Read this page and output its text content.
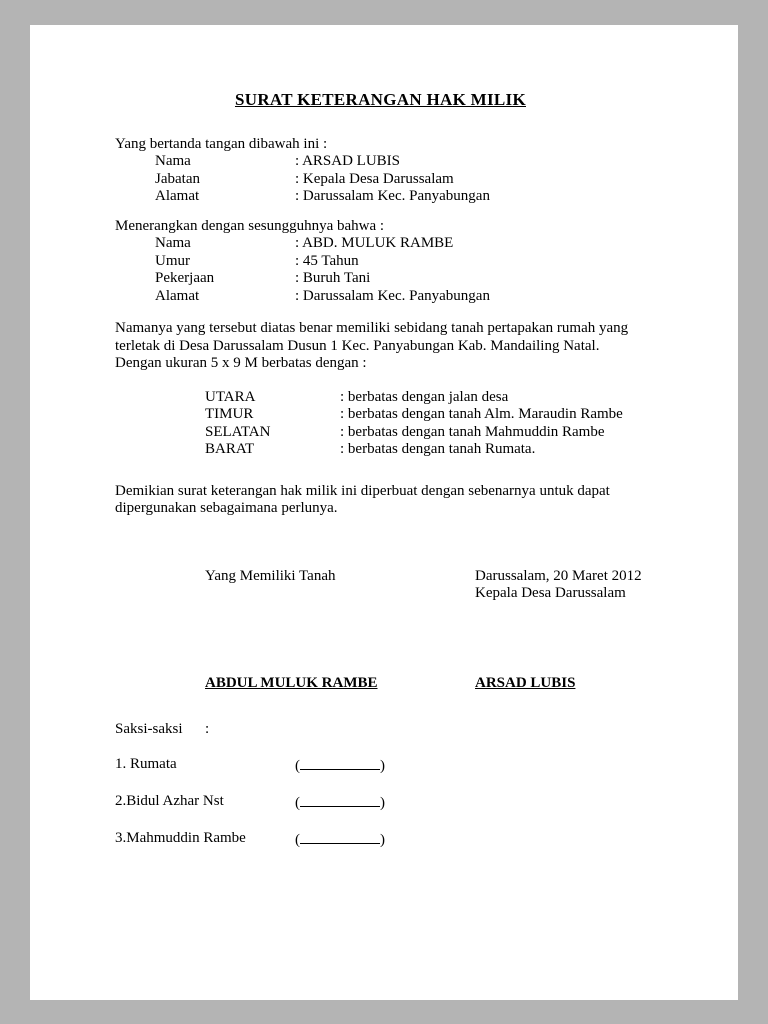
SURAT KETERANGAN HAK MILIK
Yang bertanda tangan dibawah ini :
Nama	: ARSAD LUBIS
Jabatan	: Kepala Desa Darussalam
Alamat	: Darussalam Kec. Panyabungan
Menerangkan dengan sesungguhnya bahwa :
Nama	: ABD. MULUK RAMBE
Umur	: 45 Tahun
Pekerjaan	: Buruh Tani
Alamat	: Darussalam Kec. Panyabungan
Namanya yang tersebut diatas benar memiliki sebidang tanah pertapakan rumah yang terletak di Desa Darussalam Dusun 1 Kec. Panyabungan Kab. Mandailing Natal. Dengan ukuran 5 x 9 M berbatas dengan :
UTARA	: berbatas dengan jalan desa
TIMUR	: berbatas dengan tanah Alm. Maraudin Rambe
SELATAN	: berbatas dengan tanah Mahmuddin Rambe
BARAT	: berbatas dengan tanah Rumata.
Demikian surat keterangan hak milik ini diperbuat dengan sebenarnya untuk dapat dipergunakan sebagaimana perlunya.
Yang Memiliki Tanah	Darussalam, 20 Maret 2012
Kepala Desa Darussalam
ABDUL MULUK RAMBE	ARSAD LUBIS
Saksi-saksi	:
1. Rumata	(	)
2.Bidul Azhar Nst	(	)
3.Mahmuddin Rambe	(	)
